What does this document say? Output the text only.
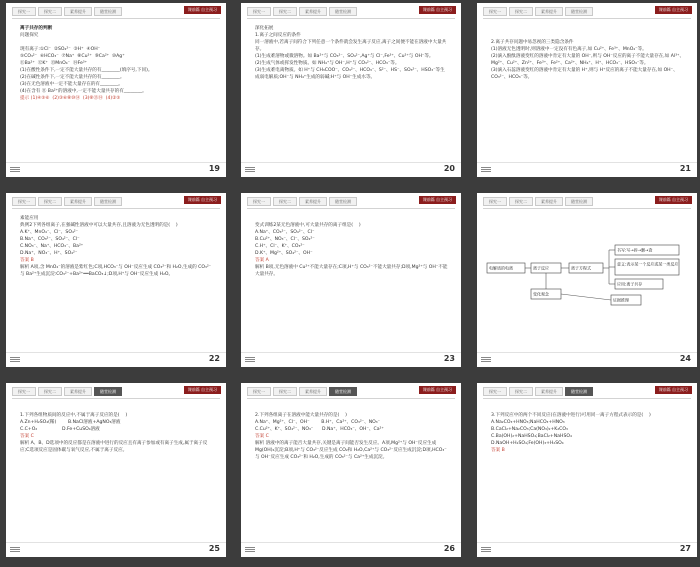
探究一	探究二	素养提升	随堂检测	课前篇 自主预习

离子共存的判断

问题探究

现有离子:①Cl⁻  ②SO₄²⁻  ③H⁺  ④OH⁻

⑤CO₃²⁻  ⑥HCO₃⁻  ⑦Na⁺  ⑧Cu²⁺  ⑨Ca²⁺  ⑩Ag⁺

⑪Ba²⁺  ⑫K⁺  ⑬MnO₄⁻  ⑭Fe³⁺

(1)在酸性条件下,一定不能大量共存的有________(填序号,下同)。

(2)在碱性条件下,一定不能大量共存的有________。

(3)在无色溶液中一定不能大量存在的有________。

(4)在含有 ⑪ Ba²⁺的溶液中,一定不能大量共存的有________。

提示 (1)④⑤⑥  (2)③⑥⑧⑩⑭  (3)⑧⑬⑭  (4)②⑤

19
探究一	探究二	素养提升	随堂检测	课前篇 自主预习

深化拓展

1.离子之间反应的条件

同一溶液中,若离子间符合下列任意一个条件就会发生离子反应,离子之间便不能在溶液中大量共存。

(1)生成难溶物或微溶物。如 Ba²⁺与 CO₃²⁻、SO₄²⁻,Ag⁺与 Cl⁻,Fe³⁺、Cu²⁺与 OH⁻等。

(2)生成气体或挥发性物质。如 NH₄⁺与 OH⁻,H⁺与 CO₃²⁻、HCO₃⁻等。

(3)生成难电离物质。如 H⁺与 CH₃COO⁻、CO₃²⁻、HCO₃⁻、S²⁻、HS⁻、SO₃²⁻、HSO₃⁻等生成弱电解质;OH⁻与 NH₄⁺生成的弱碱;H⁺与 OH⁻生成水等。

20
探究一	探究二	素养提升	随堂检测	课前篇 自主预习

2.离子共存问题中易忽视的三类隐含条件

(1)溶液无色透明时,则溶液中一定没有有色离子,如 Cu²⁺、Fe³⁺、MnO₄⁻等。

(2)滴入酚酞溶液变红的溶液中肯定有大量的 OH⁻,则与 OH⁻反应的离子不能大量存在,如 Al³⁺、Mg²⁺、Cu²⁺、Zn²⁺、Fe³⁺、Fe²⁺、Ca²⁺、NH₄⁺、H⁺、HCO₃⁻、HSO₃⁻等。

(3)滴入石蕊溶液变红的溶液中肯定有大量的 H⁺,则与 H⁺反应的离子不能大量存在,如 OH⁻、CO₃²⁻、HCO₃⁻等。

21
探究一	探究二	素养提升	随堂检测	课前篇 自主预习

素能应用

典例2下列各组离子,在强碱性溶液中可以大量共存,且溶液为无色透明的是(    )

A.K⁺、MnO₄⁻、Cl⁻、SO₄²⁻

B.Na⁺、CO₃²⁻、SO₄²⁻、Cl⁻

C.NO₃⁻、Na⁺、HCO₃⁻、Ba²⁺

D.Na⁺、NO₃⁻、H⁺、SO₄²⁻

答案 B

解析 A项,含 MnO₄⁻的溶液是紫红色;C项,HCO₃⁻与 OH⁻反应生成 CO₃²⁻和 H₂O,生成的 CO₃²⁻与 Ba²⁺生成沉淀:CO₃²⁻+Ba²⁺══BaCO₃↓;D项,H⁺与 OH⁻反应生成 H₂O。

22
探究一	探究二	素养提升	随堂检测	课前篇 自主预习

变式训练2某无色溶液中,可大量共存的离子组是(    )

A.Na⁺、CO₃²⁻、SO₄²⁻、Cl⁻

B.Cu²⁺、NO₃⁻、Cl⁻、SO₄²⁻

C.H⁺、Cl⁻、K⁺、CO₃²⁻

D.K⁺、Mg²⁺、SO₄²⁻、OH⁻

答案 A

解析 B项,无色溶液中 Cu²⁺不能大量存在;C项,H⁺与 CO₃²⁻不能大量共存;D项,Mg²⁺与 OH⁻不能大量共存。

23
探究一	探究二	素养提升	随堂检测	课前篇 自主预习
电解质的电离	离子反应	离子方程式
变化观念
书写:写→拆→删→查
意义:表示某一个反应或某一类反应
应用:离子共存
证据推理
24
探究一	探究二	素养提升	随堂检测	课前篇 自主预习

1.下列各组物质间的反应中,不属于离子反应的是(    )

A.Zn+H₂SO₄(稀)        B.NaCl溶液+AgNO₃溶液

C.C+O₂                 D.Fe+CuSO₄溶液

答案 C

解析 A、B、D选项中的反应都是在溶液中进行的反应且有离子参加或有离子生成,属于离子反应;C选项反应是固体碳与氧气反应,不属于离子反应。

25
探究一	探究二	素养提升	随堂检测	课前篇 自主预习

2.下列各组离子在溶液中能大量共存的是(    )

A.Na⁺、Mg²⁺、Cl⁻、OH⁻        B.H⁺、Ca²⁺、CO₃²⁻、NO₃⁻

C.Cu²⁺、K⁺、SO₄²⁻、NO₃⁻      D.Na⁺、HCO₃⁻、OH⁻、Ca²⁺

答案 C

解析 溶液中的离子能否大量共存,关键是离子间能否发生反应。A项,Mg²⁺与 OH⁻反应生成 Mg(OH)₂沉淀;B项,H⁺与 CO₃²⁻反应生成 CO₂和 H₂O,Ca²⁺与 CO₃²⁻反应生成沉淀;D项,HCO₃⁻与 OH⁻反应生成 CO₃²⁻和 H₂O,生成的 CO₃²⁻与 Ca²⁺生成沉淀。

26
探究一	探究二	素养提升	随堂检测	课前篇 自主预习

3.下列反应中的两个不同反应(在溶液中进行)可用同一离子方程式表示的是(    )

A.Na₂CO₃+HNO₃;NaHCO₃+HNO₃

B.CaCl₂+Na₂CO₃;Ca(NO₃)₂+K₂CO₃

C.Ba(OH)₂+NaHSO₄;BaCl₂+NaHSO₄

D.NaOH+H₂SO₄;Fe(OH)₃+H₂SO₄

答案 B

27
